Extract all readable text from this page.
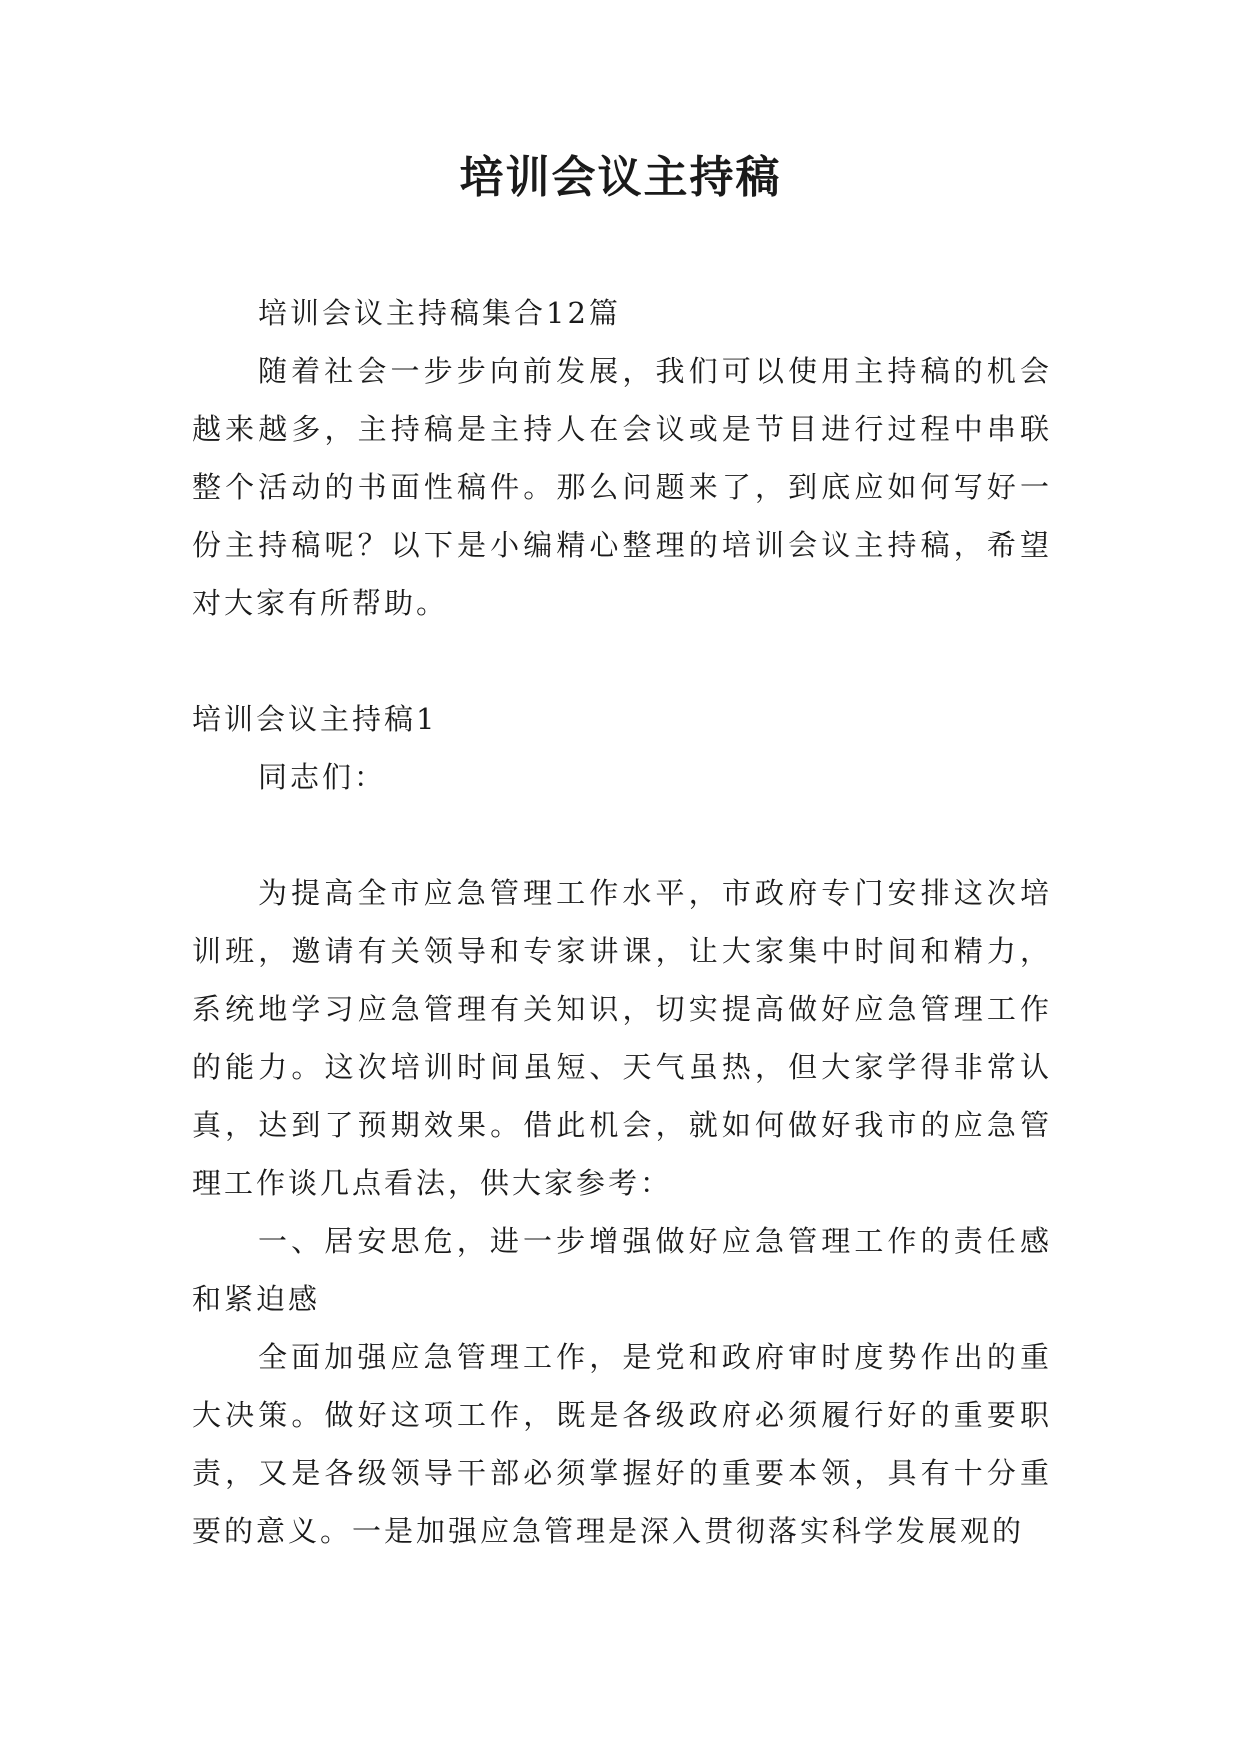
培训会议主持稿

培训会议主持稿集合12篇

随着社会一步步向前发展，我们可以使用主持稿的机会越来越多，主持稿是主持人在会议或是节目进行过程中串联整个活动的书面性稿件。那么问题来了，到底应如何写好一份主持稿呢？以下是小编精心整理的培训会议主持稿，希望对大家有所帮助。

培训会议主持稿1

同志们：

为提高全市应急管理工作水平，市政府专门安排这次培训班，邀请有关领导和专家讲课，让大家集中时间和精力，系统地学习应急管理有关知识，切实提高做好应急管理工作的能力。这次培训时间虽短、天气虽热，但大家学得非常认真，达到了预期效果。借此机会，就如何做好我市的应急管理工作谈几点看法，供大家参考：

一、居安思危，进一步增强做好应急管理工作的责任感和紧迫感

全面加强应急管理工作，是党和政府审时度势作出的重大决策。做好这项工作，既是各级政府必须履行好的重要职责，又是各级领导干部必须掌握好的重要本领，具有十分重要的意义。一是加强应急管理是深入贯彻落实科学发展观的
